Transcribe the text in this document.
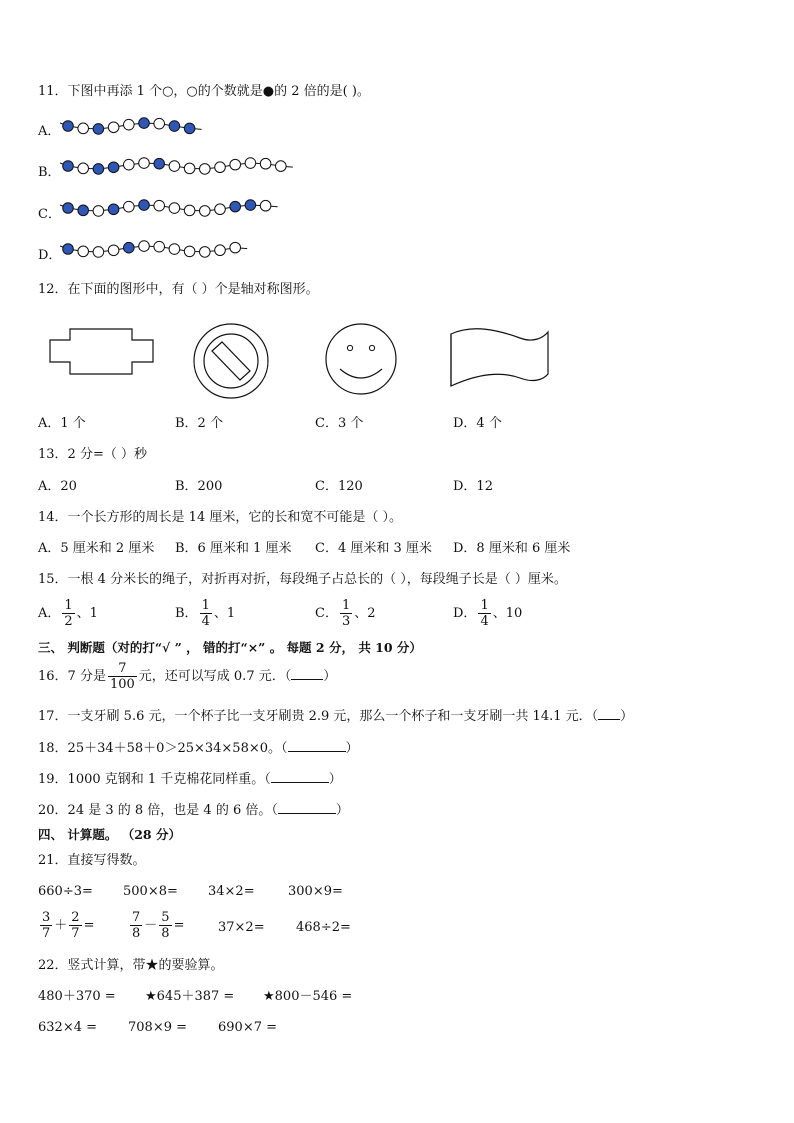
11．下图中再添 1 个○，○的个数就是●的 2 倍的是( )。
A．
B．
C．
D．
12．在下面的图形中，有（ ）个是轴对称图形。
A．1 个	B．2 个	C．3 个	D．4 个
13．2 分=（ ）秒
A．20	B．200	C．120	D．12
14．一个长方形的周长是 14 厘米，它的长和宽不可能是（ ）。
A．5 厘米和 2 厘米 B．6 厘米和 1 厘米 C．4 厘米和 3 厘米 D．8 厘米和 6 厘米
15．一根 4 分米长的绳子，对折再对折，每段绳子占总长的（ ），每段绳子长是（ ）厘米。
A． $\frac{1}{2}$ 、1	B． $\frac{1}{4}$ 、1	C． $\frac{1}{3}$ 、2	D． $\frac{1}{4}$ 、10
三、 判断题（对的打“√ ” ， 错的打“×” 。 每题 2 分， 共 10 分）
16．7 分是 $\frac{7}{100}$ 元，还可以写成 0.7 元．（ ）
17．一支牙刷 5.6 元，一个杯子比一支牙刷贵 2.9 元，那么一个杯子和一支牙刷一共 14.1 元．（ ）
18．25＋34＋58＋0＞25×34×58×0。（	）
19．1000 克钢和 1 千克棉花同样重。（	）
20．24 是 3 的 8 倍，也是 4 的 6 倍。（	）
四、 计算题。 （28 分）
21．直接写得数。
660÷3= 500×8= 34×2=	300×9=
$\frac{3}{7} + \frac{2}{7}$ =	$\frac{7}{8} - \frac{5}{8}$ =	37×2= 468÷2=
22．竖式计算，带★的要验算。
480＋370 = ★645＋387 = ★800－546 =
632×4 = 708×9 = 690×7 =
